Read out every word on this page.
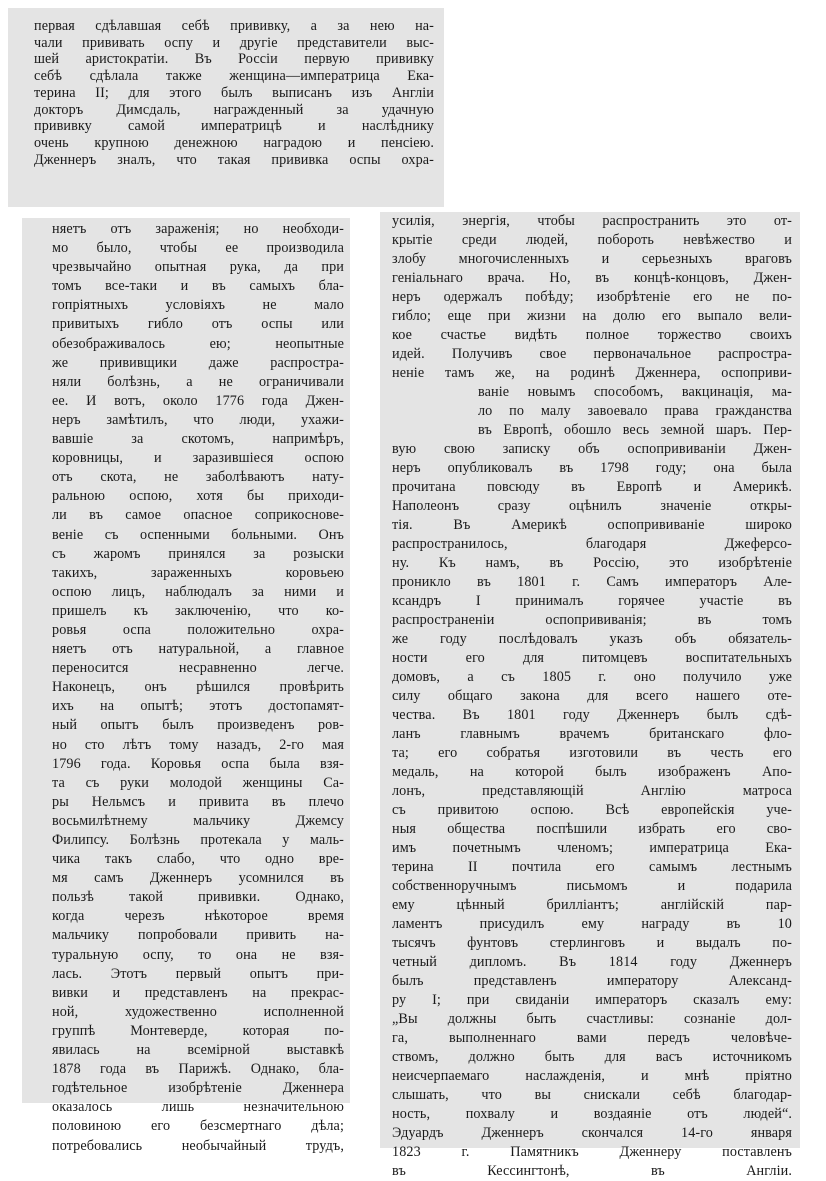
первая сдѣлавшая себѣ прививку, а за нею на-
чали прививать оспу и другіе представители выс-
шей аристократіи. Въ Россіи первую прививку
себѣ сдѣлала также женщина—императрица Ека-
терина II; для этого былъ выписанъ изъ Англіи
докторъ Димсдаль, награжденный за удачную
прививку самой императрицѣ и наслѣднику
очень крупною денежною наградою и пенсіею.
Дженнеръ зналъ, что такая прививка оспы охра-
няетъ отъ зараженія; но необходи-
мо было, чтобы ее производила
чрезвычайно опытная рука, да при
томъ все-таки и въ самыхъ бла-
гопріятныхъ условіяхъ не мало
привитыхъ гибло отъ оспы или
обезображивалось ею; неопытные
же прививщики даже распростра-
няли болѣзнь, а не ограничивали
ее. И вотъ, около 1776 года Джен-
неръ замѣтилъ, что люди, ухажи-
вавшіе за скотомъ, напримѣръ,
коровницы, и заразившіеся оспою
отъ скота, не заболѣваютъ нату-
ральною оспою, хотя бы приходи-
ли въ самое опасное соприкоснове-
веніе съ оспенными больными. Онъ
съ жаромъ принялся за розыски
такихъ, зараженныхъ коровьею
оспою лицъ, наблюдалъ за ними и
пришелъ къ заключенію, что ко-
ровья оспа положительно охра-
няетъ отъ натуральной, а главное
переносится несравненно легче.
Наконецъ, онъ рѣшился провѣрить
ихъ на опытѣ; этотъ достопамят-
ный опытъ былъ произведенъ ров-
но сто лѣтъ тому назадъ, 2-го мая
1796 года. Коровья оспа была взя-
та съ руки молодой женщины Са-
ры Нельмсъ и привита въ плечо
восьмилѣтнему мальчику Джемсу
Филипсу. Болѣзнь протекала у маль-
чика такъ слабо, что одно вре-
мя самъ Дженнеръ усомнился въ
пользѣ такой прививки. Однако,
когда черезъ нѣкоторое время
мальчику попробовали привить на-
туральную оспу, то она не взя-
лась. Этотъ первый опытъ при-
вивки и представленъ на прекрас-
ной, художественно исполненной
группѣ Монтеверде, которая по-
явилась на всемірной выставкѣ
1878 года въ Парижѣ. Однако, бла-
годѣтельное изобрѣтеніе Дженнера
оказалось лишь незначительною
половиною его безсмертнаго дѣла;
потребовались необычайный трудъ,
усилія, энергія, чтобы распространить это от-
крытіе среди людей, побороть невѣжество и
злобу многочисленныхъ и серьезныхъ враговъ
геніальнаго врача. Но, въ концѣ-концовъ, Джен-
неръ одержалъ побѣду; изобрѣтеніе его не по-
гибло; еще при жизни на долю его выпало вели-
кое счастье видѣть полное торжество своихъ
идей. Получивъ свое первоначальное распростра-
неніе тамъ же, на родинѣ Дженнера, оспоприви-
ваніе новымъ способомъ, вакцинація, ма-
ло по малу завоевало права гражданства
въ Европѣ, обошло весь земной шаръ. Пер-
вую свою записку объ оспопрививаніи Джен-
неръ опубликовалъ въ 1798 году; она была
прочитана повсюду въ Европѣ и Америкѣ.
Наполеонъ сразу оцѣнилъ значеніе откры-
тія. Въ Америкѣ оспопрививаніе широко
распространилось, благодаря Джеферсо-
ну. Къ намъ, въ Россію, это изобрѣтеніе
проникло въ 1801 г. Самъ императоръ Але-
ксандръ I принималъ горячее участіе въ
распространеніи оспопрививанія; въ томъ
же году послѣдовалъ указъ объ обязатель-
ности его для питомцевъ воспитательныхъ
домовъ, а съ 1805 г. оно получило уже
силу общаго закона для всего нашего оте-
чества. Въ 1801 году Дженнеръ былъ сдѣ-
ланъ главнымъ врачемъ британскаго фло-
та; его собратья изготовили въ честь его
медаль, на которой былъ изображенъ Апо-
лонъ, представляющій Англію матроса
съ привитою оспою. Всѣ европейскія уче-
ныя общества поспѣшили избрать его сво-
имъ почетнымъ членомъ; императрица Ека-
терина II почтила его самымъ лестнымъ
собственноручнымъ письмомъ и подарила
ему цѣнный брилліантъ; англійскій пар-
ламентъ присудилъ ему награду въ 10
тысячъ фунтовъ стерлинговъ и выдалъ по-
четный дипломъ. Въ 1814 году Дженнеръ
былъ представленъ императору Александ-
ру I; при свиданіи императоръ сказалъ ему:
„Вы должны быть счастливы: сознаніе дол-
га, выполненнаго вами передъ человѣче-
ствомъ, должно быть для васъ источникомъ
неисчерпаемаго наслажденія, и мнѣ пріятно
слышать, что вы снискали себѣ благодар-
ность, похвалу и воздаяніе отъ людей“.
Эдуардъ Дженнеръ скончался 14-го января
1823 г. Памятникъ Дженнеру поставленъ
въ Кессингтонѣ, въ Англіи.
